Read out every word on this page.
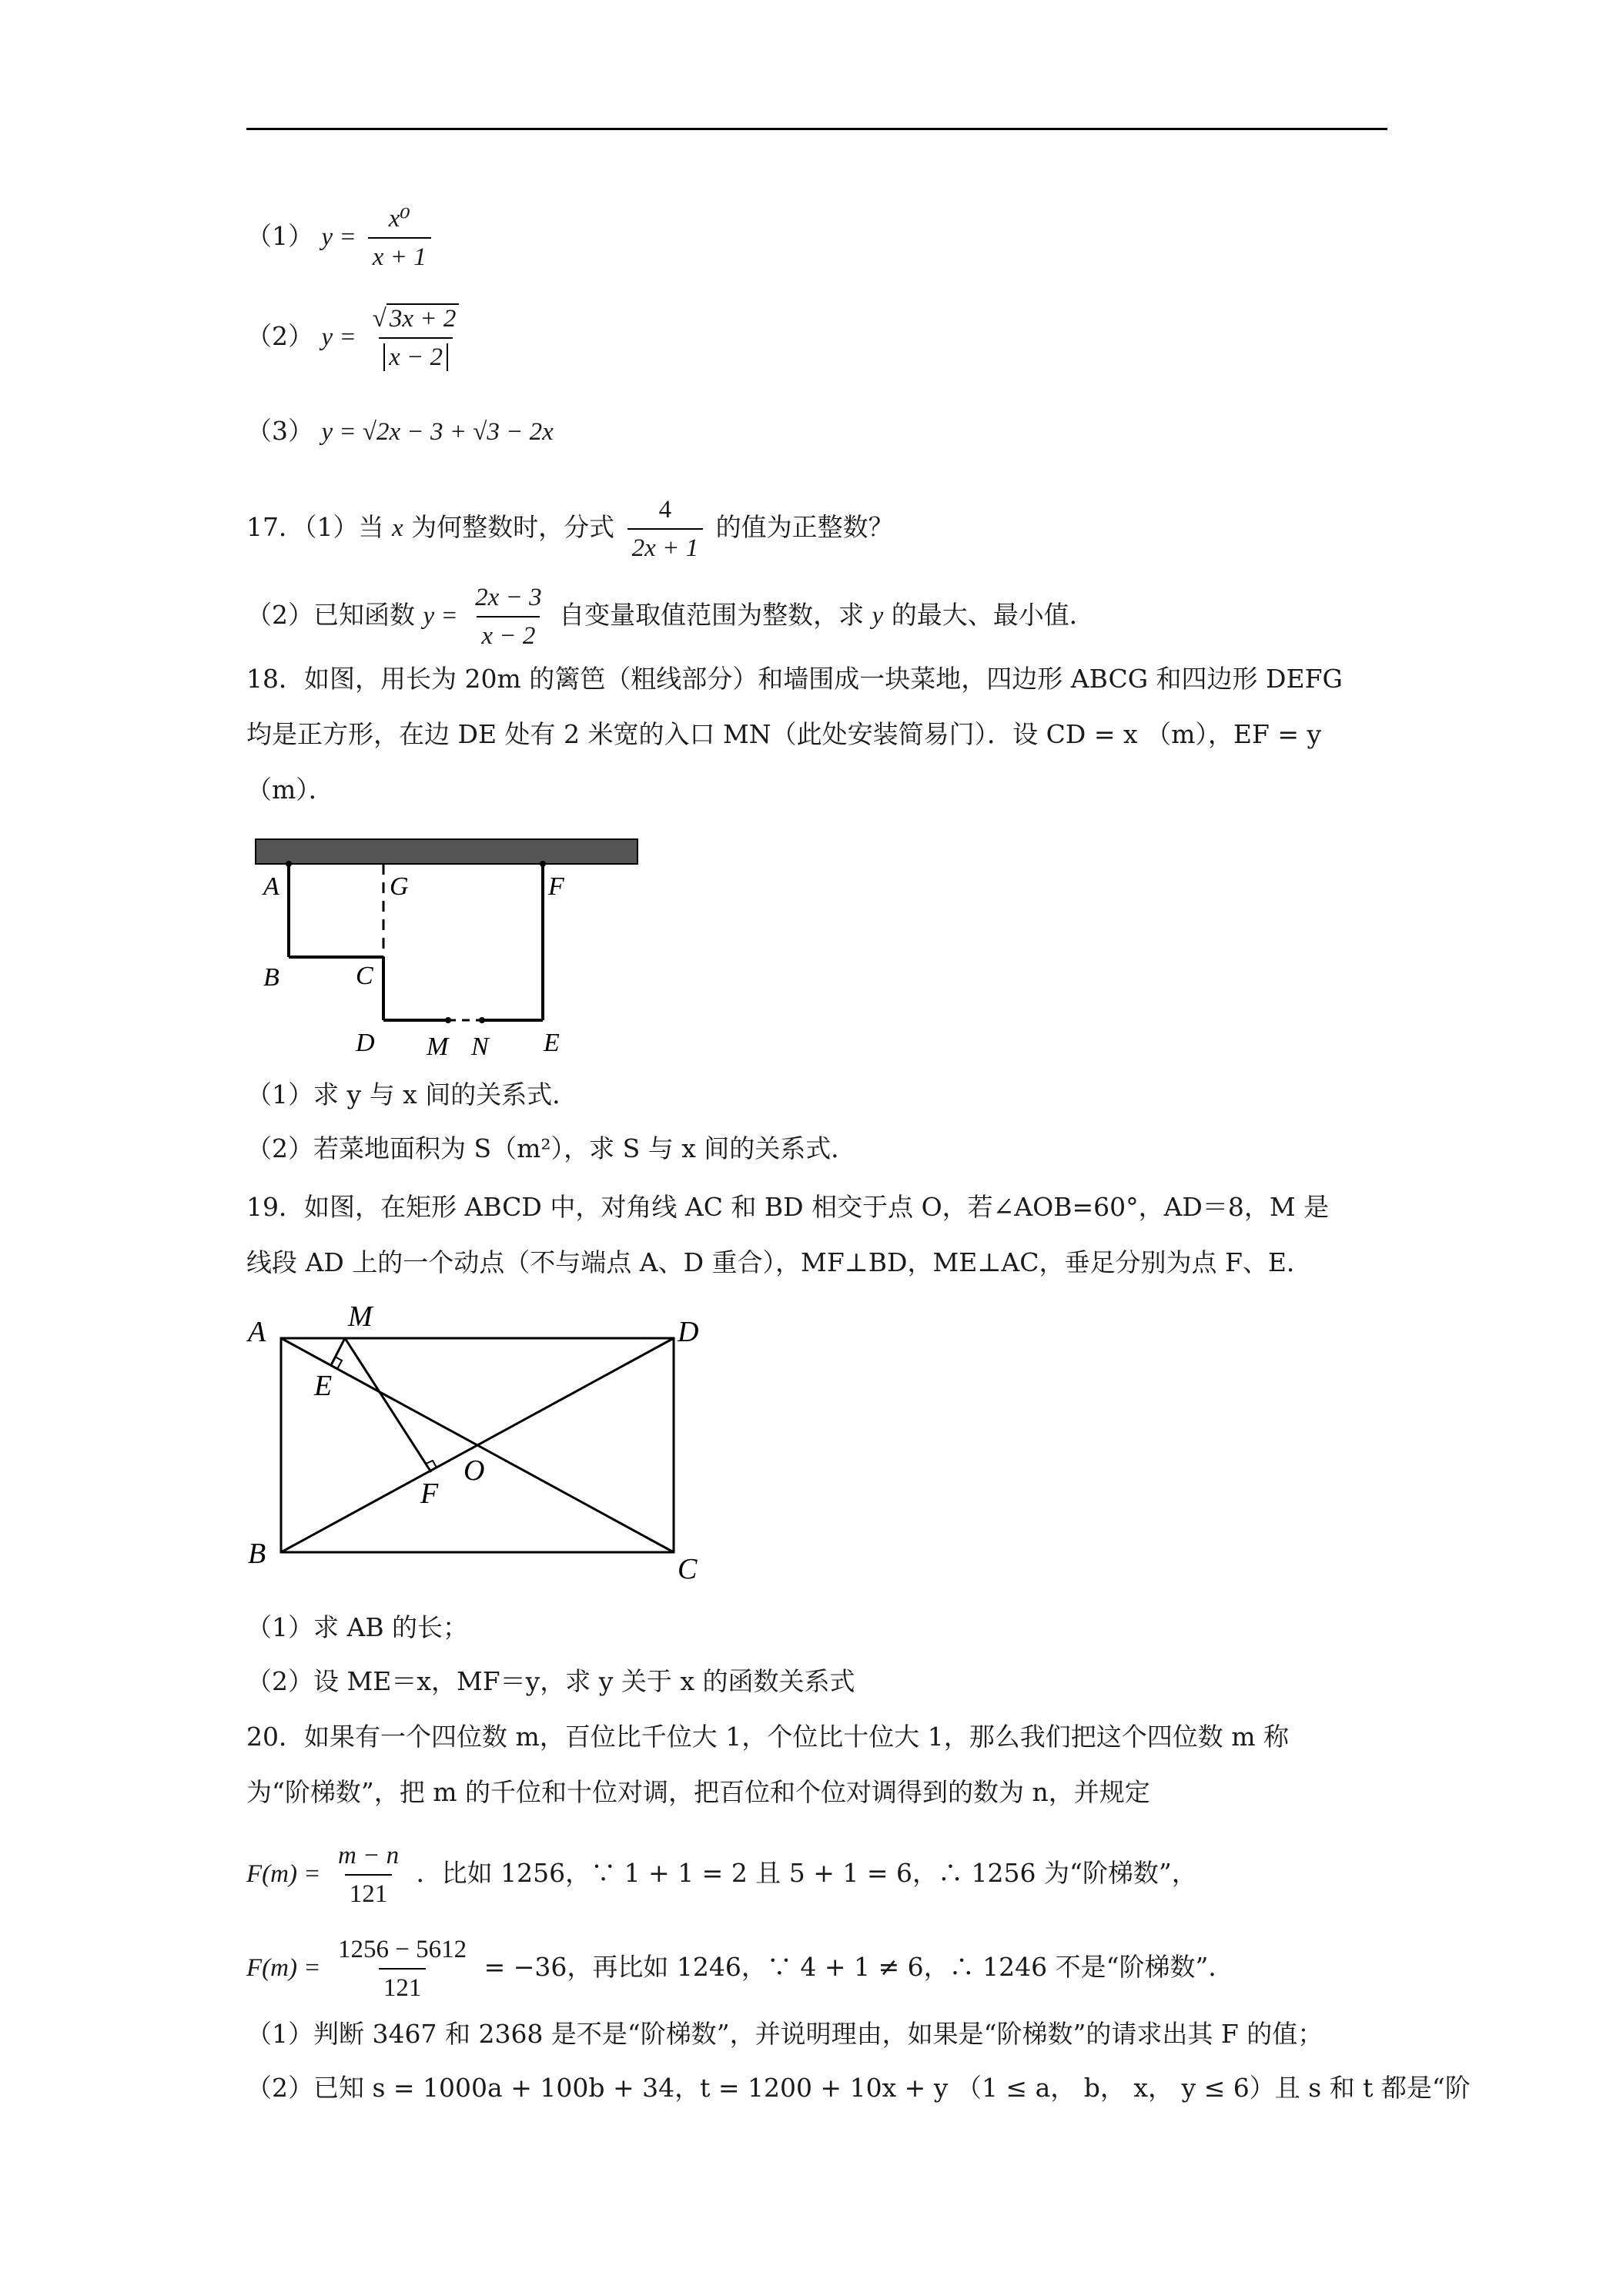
（1） $y = \frac{\text{x⁰}}{x + 1}$
（2） $y = \frac{√ 3x + 2}{x - 2}$
（3） y = √2x − 3 + √3 − 2x
17．（1）当 x 为何整数时，分式 $\frac{4}{2x + 1}$ 的值为正整数？
（2）已知函数 $y = \frac{2x - 3}{x - 2}$ 自变量取值范围为整数，求 y 的最大、最小值．
18．如图，用长为 20m 的篱笆（粗线部分）和墙围成一块菜地，四边形 ABCG 和四边形 DEFG
均是正方形，在边 DE 处有 2 米宽的入口 MN（此处安装简易门）．设 CD = x （m），EF = y
（m）．
A	G	F
B	C
D M N E
（1）求 y 与 x 间的关系式．
（2）若菜地面积为 S（m²），求 S 与 x 间的关系式．
19．如图，在矩形 ABCD 中，对角线 AC 和 BD 相交于点 O，若∠AOB=60°，AD＝8，M 是
线段 AD 上的一个动点（不与端点 A、D 重合），MF⊥BD，ME⊥AC，垂足分别为点 F、E．
A	M	D
E
O
F
B	C
（1）求 AB 的长；
（2）设 ME＝x，MF＝y，求 y 关于 x 的函数关系式
20．如果有一个四位数 m，百位比千位大 1，个位比十位大 1，那么我们把这个四位数 m 称
为“阶梯数”，把 m 的千位和十位对调，把百位和个位对调得到的数为 n，并规定
$F(m) = \frac{m - n}{121}$ ．比如 1256，∵ 1 + 1 = 2 且 5 + 1 = 6，∴ 1256 为“阶梯数”，
$F(m) = \frac{1256 - 5612}{121} = -36$，再比如 1246，∵ 4 + 1 ≠ 6，∴ 1246 不是“阶梯数”．
（1）判断 3467 和 2368 是不是“阶梯数”，并说明理由，如果是“阶梯数”的请求出其 F 的值；
（2）已知 s = 1000a + 100b + 34，t = 1200 + 10x + y （1 ≤ a， b， x， y ≤ 6）且 s 和 t 都是“阶
